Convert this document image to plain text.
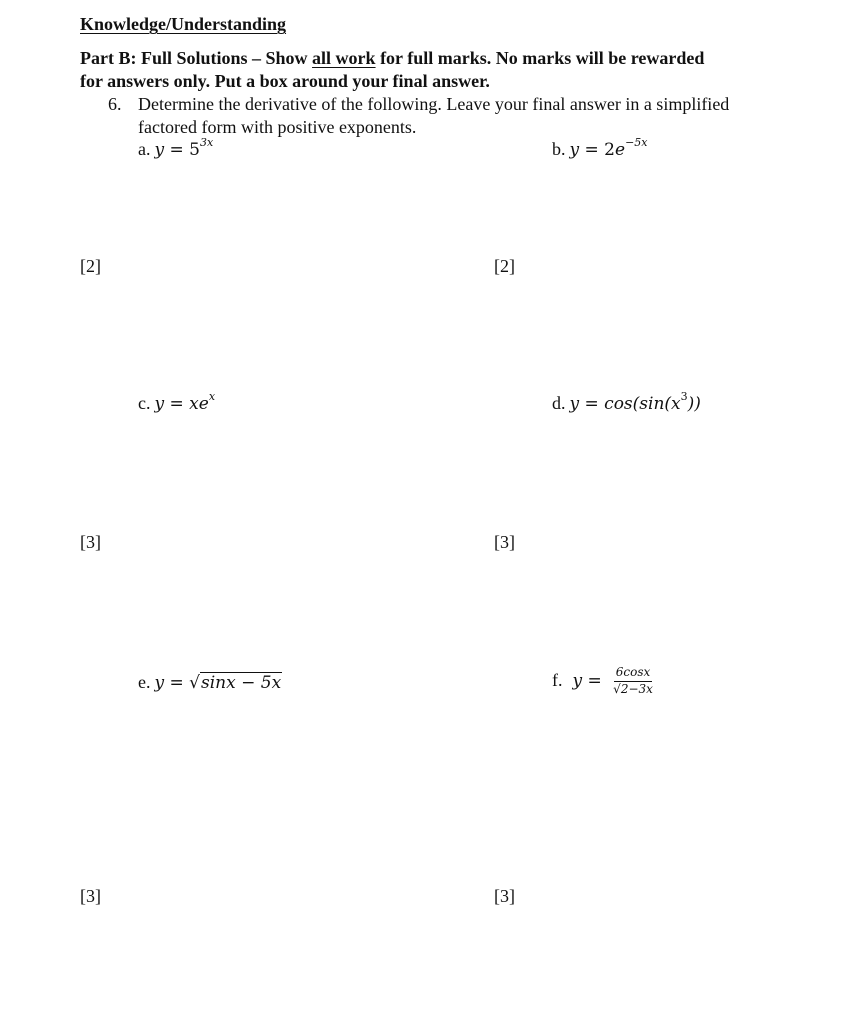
Knowledge/Understanding
Part B: Full Solutions – Show all work for full marks. No marks will be rewarded
for answers only. Put a box around your final answer.
6. Determine the derivative of the following. Leave your final answer in a simplified
factored form with positive exponents.
a. $y = 5^{3x}$	b. $y = 2e^{-5x}$
[2]	[2]
c. $y = xe^x$	d. $y = \cos(\sin(x^3))$
[3]	[3]
e. y = √sinx − 5x	f. $y = \frac{6\cos x}{√2-3x}$
[3]	[3]
